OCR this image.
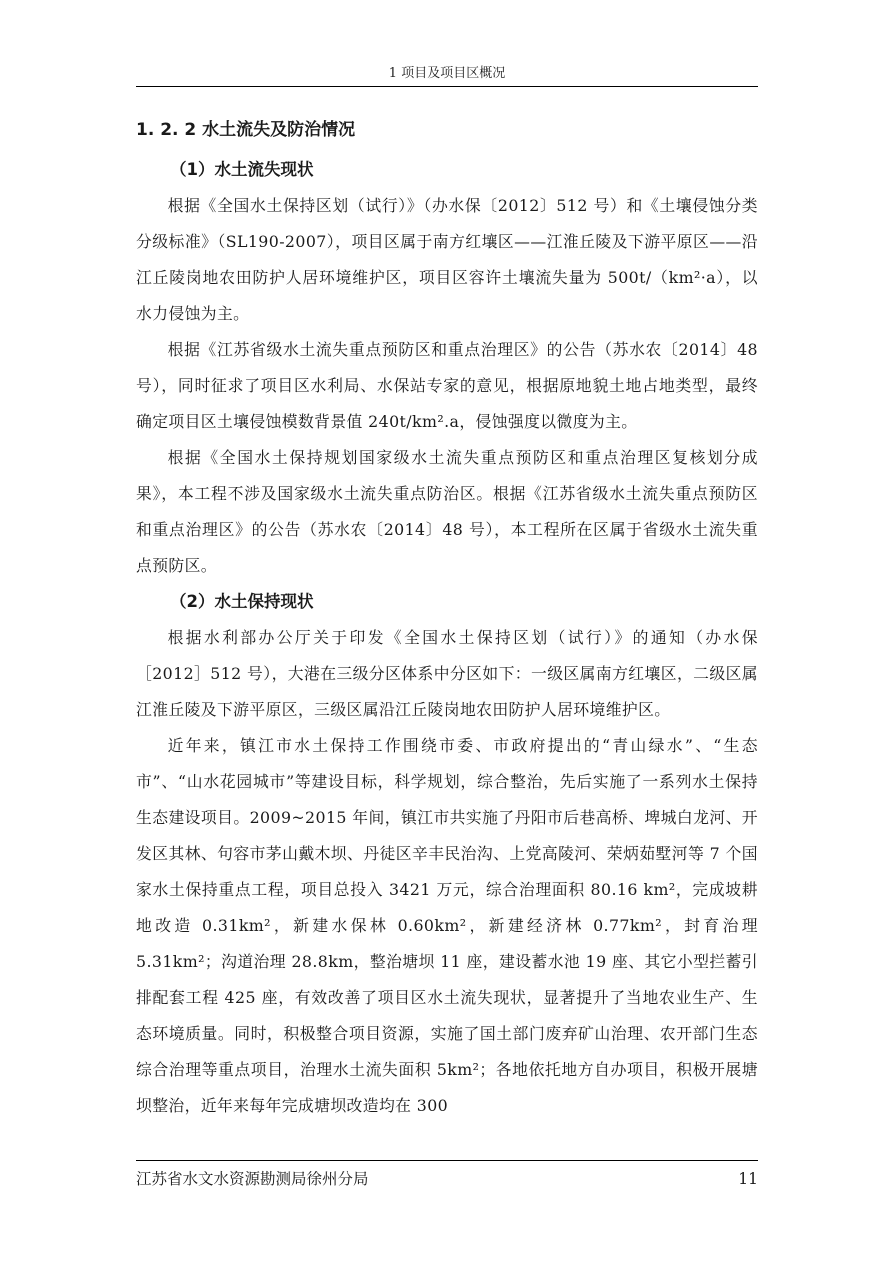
1 项目及项目区概况
1. 2. 2 水土流失及防治情况
（1）水土流失现状

根据《全国水土保持区划（试行）》（办水保〔2012〕512 号）和《土壤侵蚀分类分级标准》（SL190-2007），项目区属于南方红壤区——江淮丘陵及下游平原区——沿江丘陵岗地农田防护人居环境维护区，项目区容许土壤流失量为 500t/（km²·a），以水力侵蚀为主。

根据《江苏省级水土流失重点预防区和重点治理区》的公告（苏水农〔2014〕48 号），同时征求了项目区水利局、水保站专家的意见，根据原地貌土地占地类型，最终确定项目区土壤侵蚀模数背景值 240t/km².a，侵蚀强度以微度为主。

根据《全国水土保持规划国家级水土流失重点预防区和重点治理区复核划分成果》，本工程不涉及国家级水土流失重点防治区。根据《江苏省级水土流失重点预防区和重点治理区》的公告（苏水农〔2014〕48 号），本工程所在区属于省级水土流失重点预防区。

（2）水土保持现状

根据水利部办公厅关于印发《全国水土保持区划（试行）》的通知（办水保［2012］512 号），大港在三级分区体系中分区如下：一级区属南方红壤区，二级区属江淮丘陵及下游平原区，三级区属沿江丘陵岗地农田防护人居环境维护区。

近年来，镇江市水土保持工作围绕市委、市政府提出的“青山绿水”、“生态市”、“山水花园城市”等建设目标，科学规划，综合整治，先后实施了一系列水土保持生态建设项目。2009~2015 年间，镇江市共实施了丹阳市后巷高桥、埤城白龙河、开发区其林、句容市茅山戴木坝、丹徒区辛丰民治沟、上党高陵河、荣炳茹墅河等 7 个国家水土保持重点工程，项目总投入 3421 万元，综合治理面积 80.16 km²，完成坡耕地改造 0.31km²，新建水保林 0.60km²，新建经济林 0.77km²，封育治理 5.31km²；沟道治理 28.8km，整治塘坝 11 座，建设蓄水池 19 座、其它小型拦蓄引排配套工程 425 座，有效改善了项目区水土流失现状，显著提升了当地农业生产、生态环境质量。同时，积极整合项目资源，实施了国土部门废弃矿山治理、农开部门生态综合治理等重点项目，治理水土流失面积 5km²；各地依托地方自办项目，积极开展塘坝整治，近年来每年完成塘坝改造均在 300

江苏省水文水资源勘测局徐州分局	11
